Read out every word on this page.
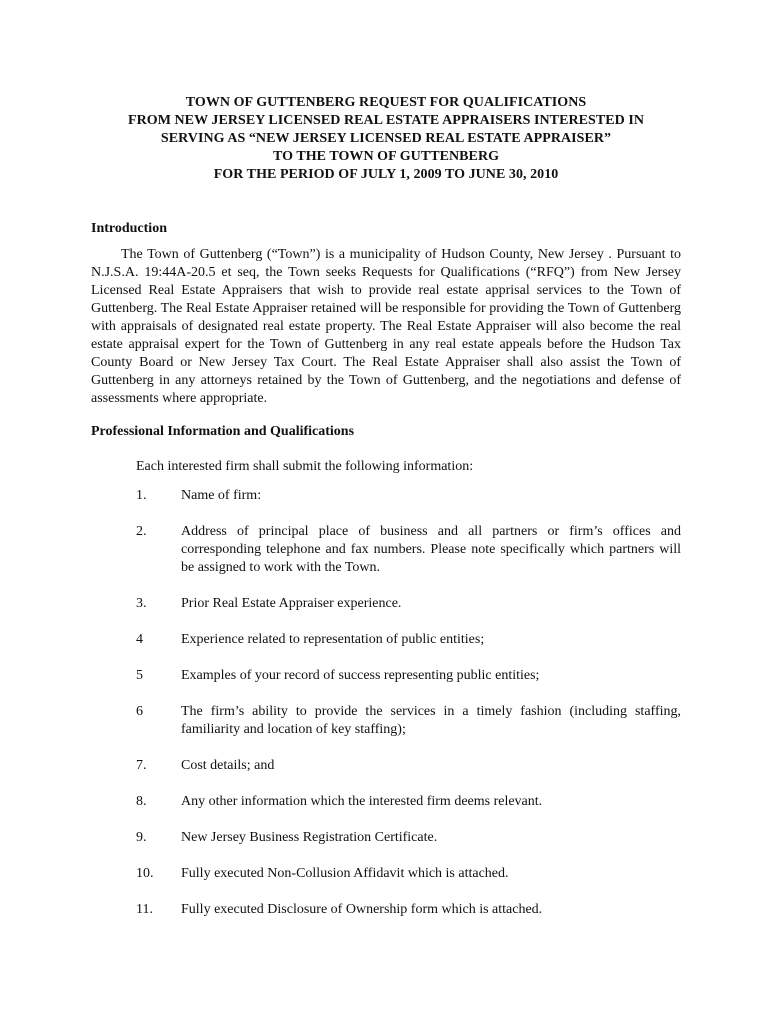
TOWN OF GUTTENBERG REQUEST FOR QUALIFICATIONS
FROM NEW JERSEY LICENSED REAL ESTATE APPRAISERS INTERESTED IN
SERVING AS “NEW JERSEY LICENSED REAL ESTATE APPRAISER”
TO THE TOWN OF GUTTENBERG
FOR THE PERIOD OF JULY 1, 2009 TO JUNE 30, 2010
Introduction
The Town of Guttenberg (“Town”) is a municipality of Hudson County, New Jersey . Pursuant to N.J.S.A. 19:44A-20.5 et seq, the Town seeks Requests for Qualifications (“RFQ”) from New Jersey Licensed Real Estate Appraisers that wish to provide real estate apprisal services to the Town of Guttenberg. The Real Estate Appraiser retained will be responsible for providing the Town of Guttenberg with appraisals of designated real estate property. The Real Estate Appraiser will also become the real estate appraisal expert for the Town of Guttenberg in any real estate appeals before the Hudson Tax County Board or New Jersey Tax Court. The Real Estate Appraiser shall also assist the Town of Guttenberg in any attorneys retained by the Town of Guttenberg, and the negotiations and defense of assessments where appropriate.
Professional Information and Qualifications
Each interested firm shall submit the following information:
1.	Name of firm:
2.	Address of principal place of business and all partners or firm’s offices and corresponding telephone and fax numbers. Please note specifically which partners will be assigned to work with the Town.
3.	Prior Real Estate Appraiser experience.
4	Experience related to representation of public entities;
5	Examples of your record of success representing public entities;
6	The firm’s ability to provide the services in a timely fashion (including staffing, familiarity and location of key staffing);
7.	Cost details; and
8.	Any other information which the interested firm deems relevant.
9.	New Jersey Business Registration Certificate.
10.	Fully executed Non-Collusion Affidavit which is attached.
11.	Fully executed Disclosure of Ownership form which is attached.
